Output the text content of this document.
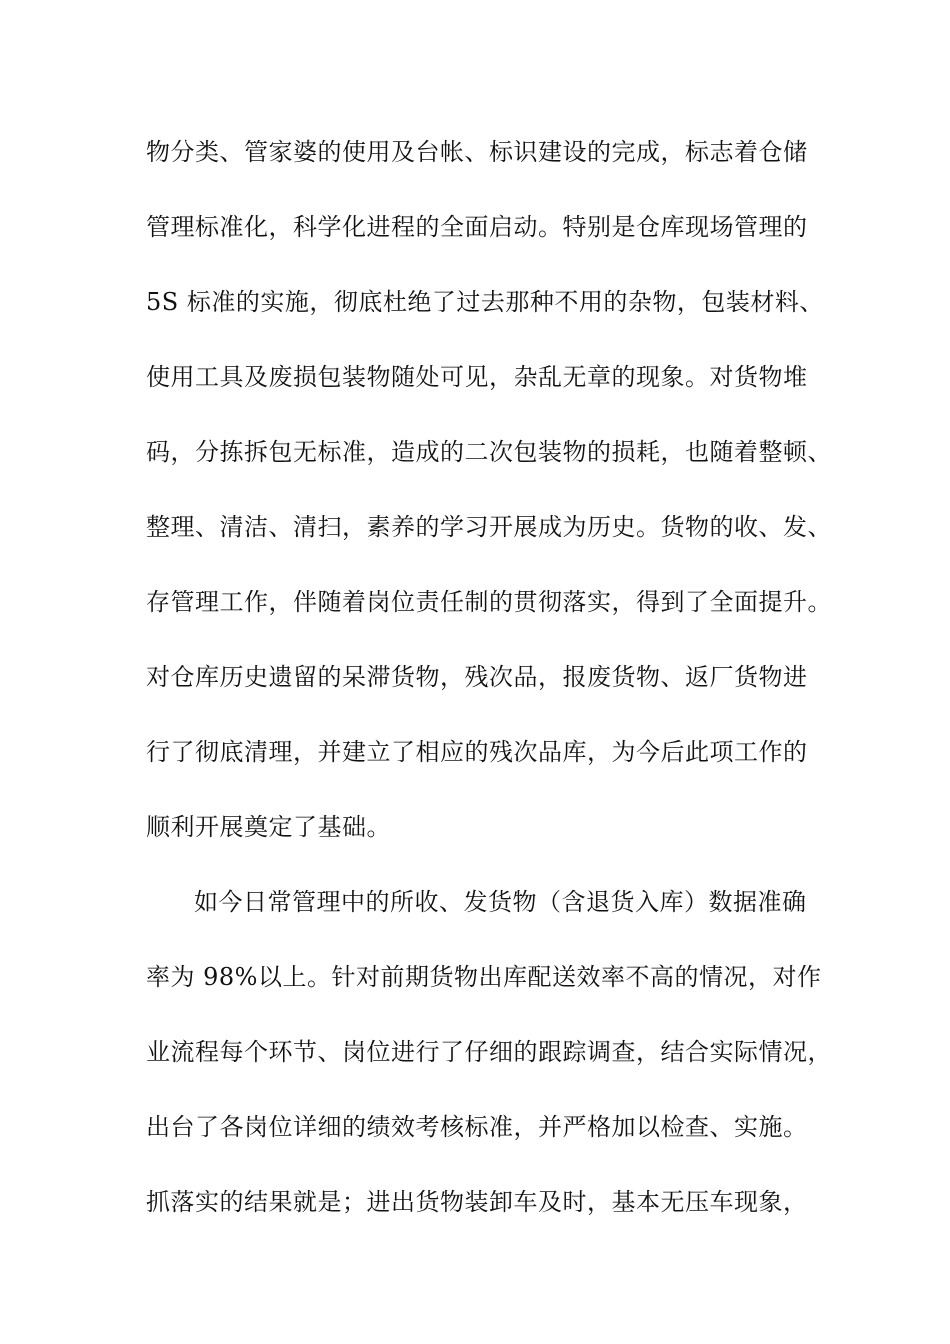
物分类、管家婆的使用及台帐、标识建设的完成，标志着仓储
管理标准化，科学化进程的全面启动。特别是仓库现场管理的
5S 标准的实施，彻底杜绝了过去那种不用的杂物，包装材料、
使用工具及废损包装物随处可见，杂乱无章的现象。对货物堆
码，分拣拆包无标准，造成的二次包装物的损耗，也随着整顿、
整理、清洁、清扫，素养的学习开展成为历史。货物的收、发、
存管理工作，伴随着岗位责任制的贯彻落实，得到了全面提升。
对仓库历史遗留的呆滞货物，残次品，报废货物、返厂货物进
行了彻底清理，并建立了相应的残次品库，为今后此项工作的
顺利开展奠定了基础。
如今日常管理中的所收、发货物（含退货入库）数据准确
率为 98%以上。针对前期货物出库配送效率不高的情况，对作
业流程每个环节、岗位进行了仔细的跟踪调查，结合实际情况，
出台了各岗位详细的绩效考核标准，并严格加以检查、实施。
抓落实的结果就是；进出货物装卸车及时，基本无压车现象，
